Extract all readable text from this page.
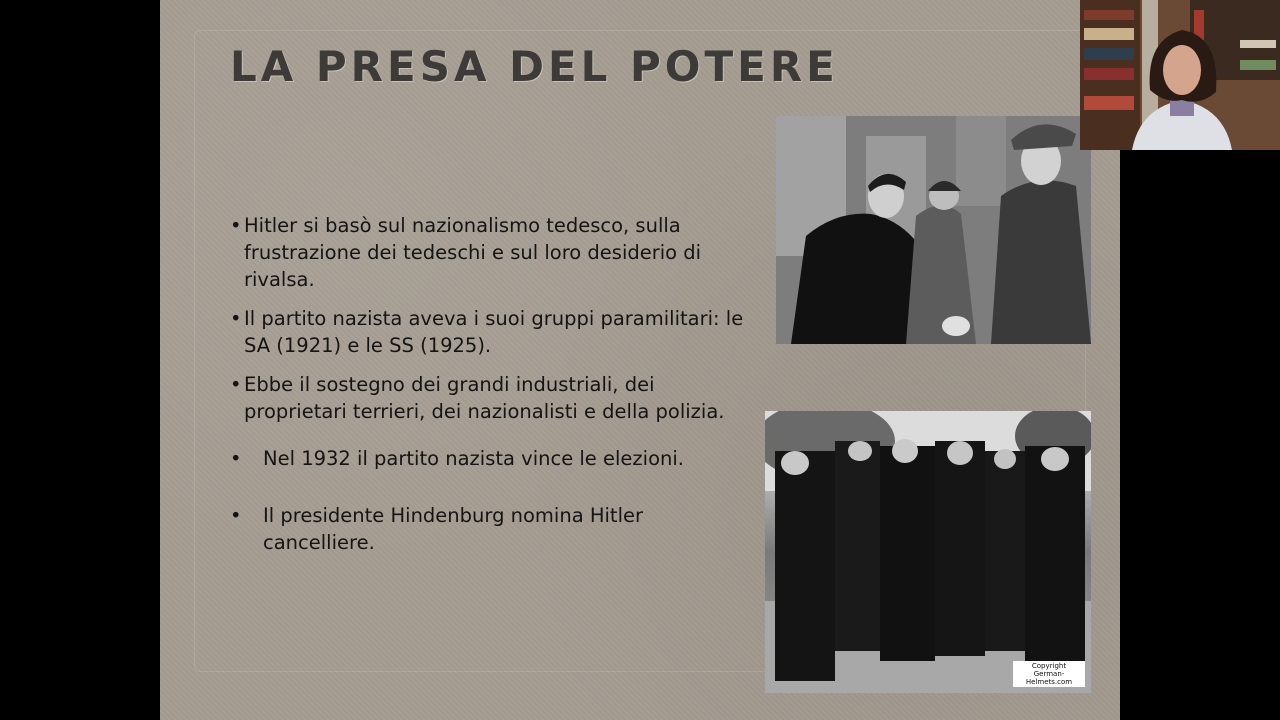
LA PRESA DEL POTERE
• Hitler si basò sul nazionalismo tedesco, sulla frustrazione dei tedeschi e sul loro desiderio di rivalsa.
• Il partito nazista aveva i suoi gruppi paramilitari: le SA (1921) e le SS (1925).
• Ebbe il sostegno dei grandi industriali, dei proprietari terrieri, dei nazionalisti e della polizia.
• Nel 1932 il partito nazista vince le elezioni.
• Il presidente Hindenburg nomina Hitler cancelliere.
Copyright
German-Helmets.com
